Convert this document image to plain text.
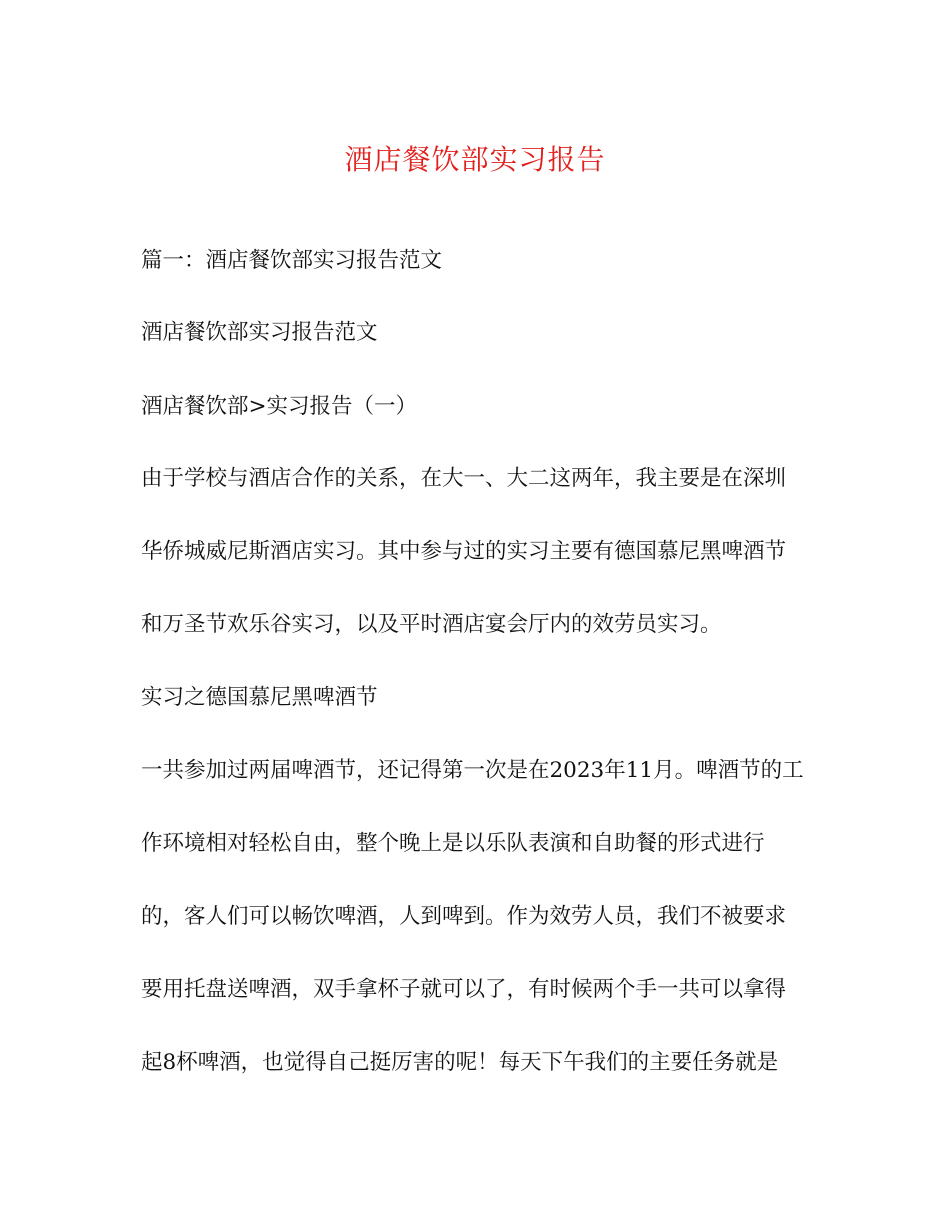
酒店餐饮部实习报告
篇一：酒店餐饮部实习报告范文
酒店餐饮部实习报告范文
酒店餐饮部>实习报告（一）
由于学校与酒店合作的关系，在大一、大二这两年，我主要是在深圳
华侨城威尼斯酒店实习。其中参与过的实习主要有德国慕尼黑啤酒节
和万圣节欢乐谷实习，以及平时酒店宴会厅内的效劳员实习。
实习之德国慕尼黑啤酒节
一共参加过两届啤酒节，还记得第一次是在2023年11月。啤酒节的工
作环境相对轻松自由，整个晚上是以乐队表演和自助餐的形式进行
的，客人们可以畅饮啤酒，人到啤到。作为效劳人员，我们不被要求
要用托盘送啤酒，双手拿杯子就可以了，有时候两个手一共可以拿得
起8杯啤酒，也觉得自己挺厉害的呢！每天下午我们的主要任务就是
